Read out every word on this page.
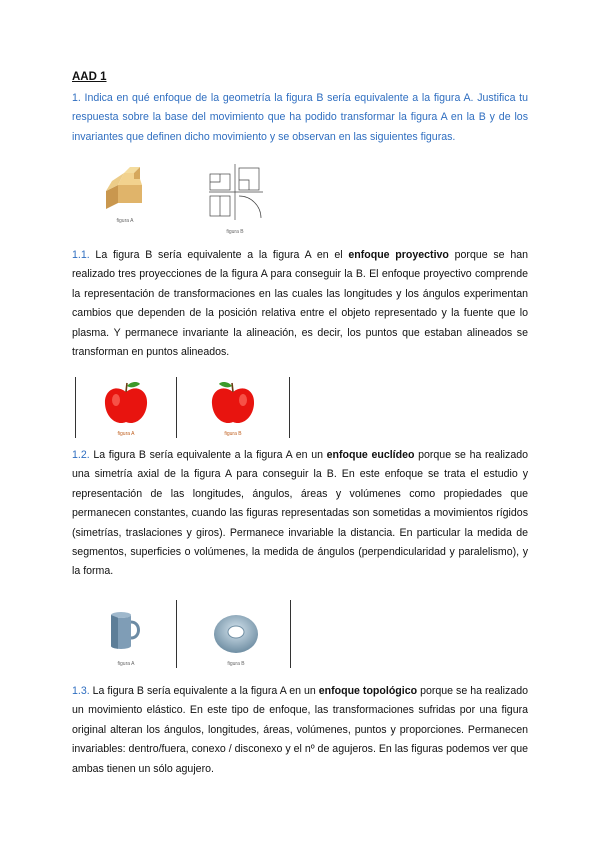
AAD 1
1. Indica en qué enfoque de la geometría la figura B sería equivalente a la figura A. Justifica tu respuesta sobre la base del movimiento que ha podido transformar la figura A en la B y de los invariantes que definen dicho movimiento y se observan en las siguientes figuras.
figura A
figura B
1.1. La figura B sería equivalente a la figura A en el enfoque proyectivo porque se han realizado tres proyecciones de la figura A para conseguir la B. El enfoque proyectivo comprende la representación de transformaciones en las cuales las longitudes y los ángulos experimentan cambios que dependen de la posición relativa entre el objeto representado y la fuente que lo plasma. Y permanece invariante la alineación, es decir, los puntos que estaban alineados se transforman en puntos alineados.
figura A	figura B
1.2. La figura B sería equivalente a la figura A en un enfoque euclídeo porque se ha realizado una simetría axial de la figura A para conseguir la B. En este enfoque se trata el estudio y representación de las longitudes, ángulos, áreas y volúmenes como propiedades que permanecen constantes, cuando las figuras representadas son sometidas a movimientos rígidos (simetrías, traslaciones y giros). Permanece invariable la distancia. En particular la medida de segmentos, superficies o volúmenes, la medida de ángulos (perpendicularidad y paralelismo), y la forma.
figura A	figura B
1.3. La figura B sería equivalente a la figura A en un enfoque topológico porque se ha realizado un movimiento elástico. En este tipo de enfoque, las transformaciones sufridas por una figura original alteran los ángulos, longitudes, áreas, volúmenes, puntos y proporciones. Permanecen invariables: dentro/fuera, conexo / disconexo y el nº de agujeros. En las figuras podemos ver que ambas tienen un sólo agujero.
